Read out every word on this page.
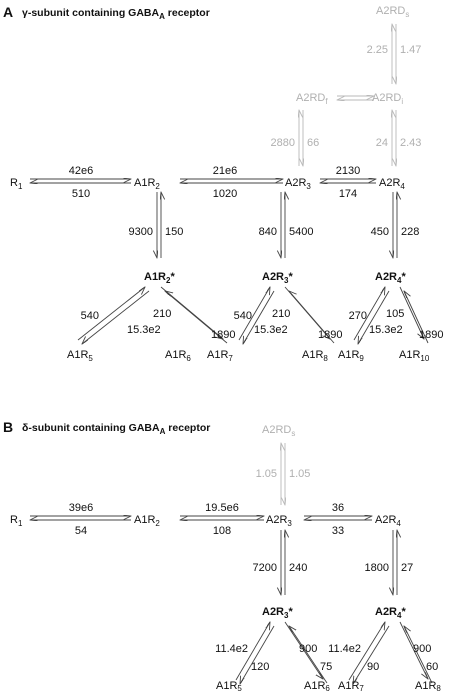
A γ-subunit containing $GABA_A$ receptor
$R_1$	$A1R_2$	$A2R_3$	$A2R_4$
$A2RD_f$	$A2RD_i$
$A2RD_s$
$A1R_2*$	$A2R_3*$	$A2R_4*$
$A1R_5$	$A1R_6$ $A1R_7$	$A1R_8$ $A1R_9$	$A1R_{10}$
42e6
510
21e6
1020
2130
174
2880 66	24 2.43
2.25 1.47
9300 150	840 5400	450 228
540	210
15.3e2	1890
540 210
15.3e2	1890
270 105
15.3e2 1890
B δ-subunit containing $GABA_A$ receptor
$R_1$	$A1R_2$	$A2R_3$	$A2R_4$
$A2RD_s$
$A2R_3*$	$A2R_4*$
A1R5	A1R6 A1R7	A1R8
39e6
54
19.5e6
108
36
33
1.05 1.05
7200 240	1800 27
11.4e2
120
900
75
11.4e2
90
900
60
